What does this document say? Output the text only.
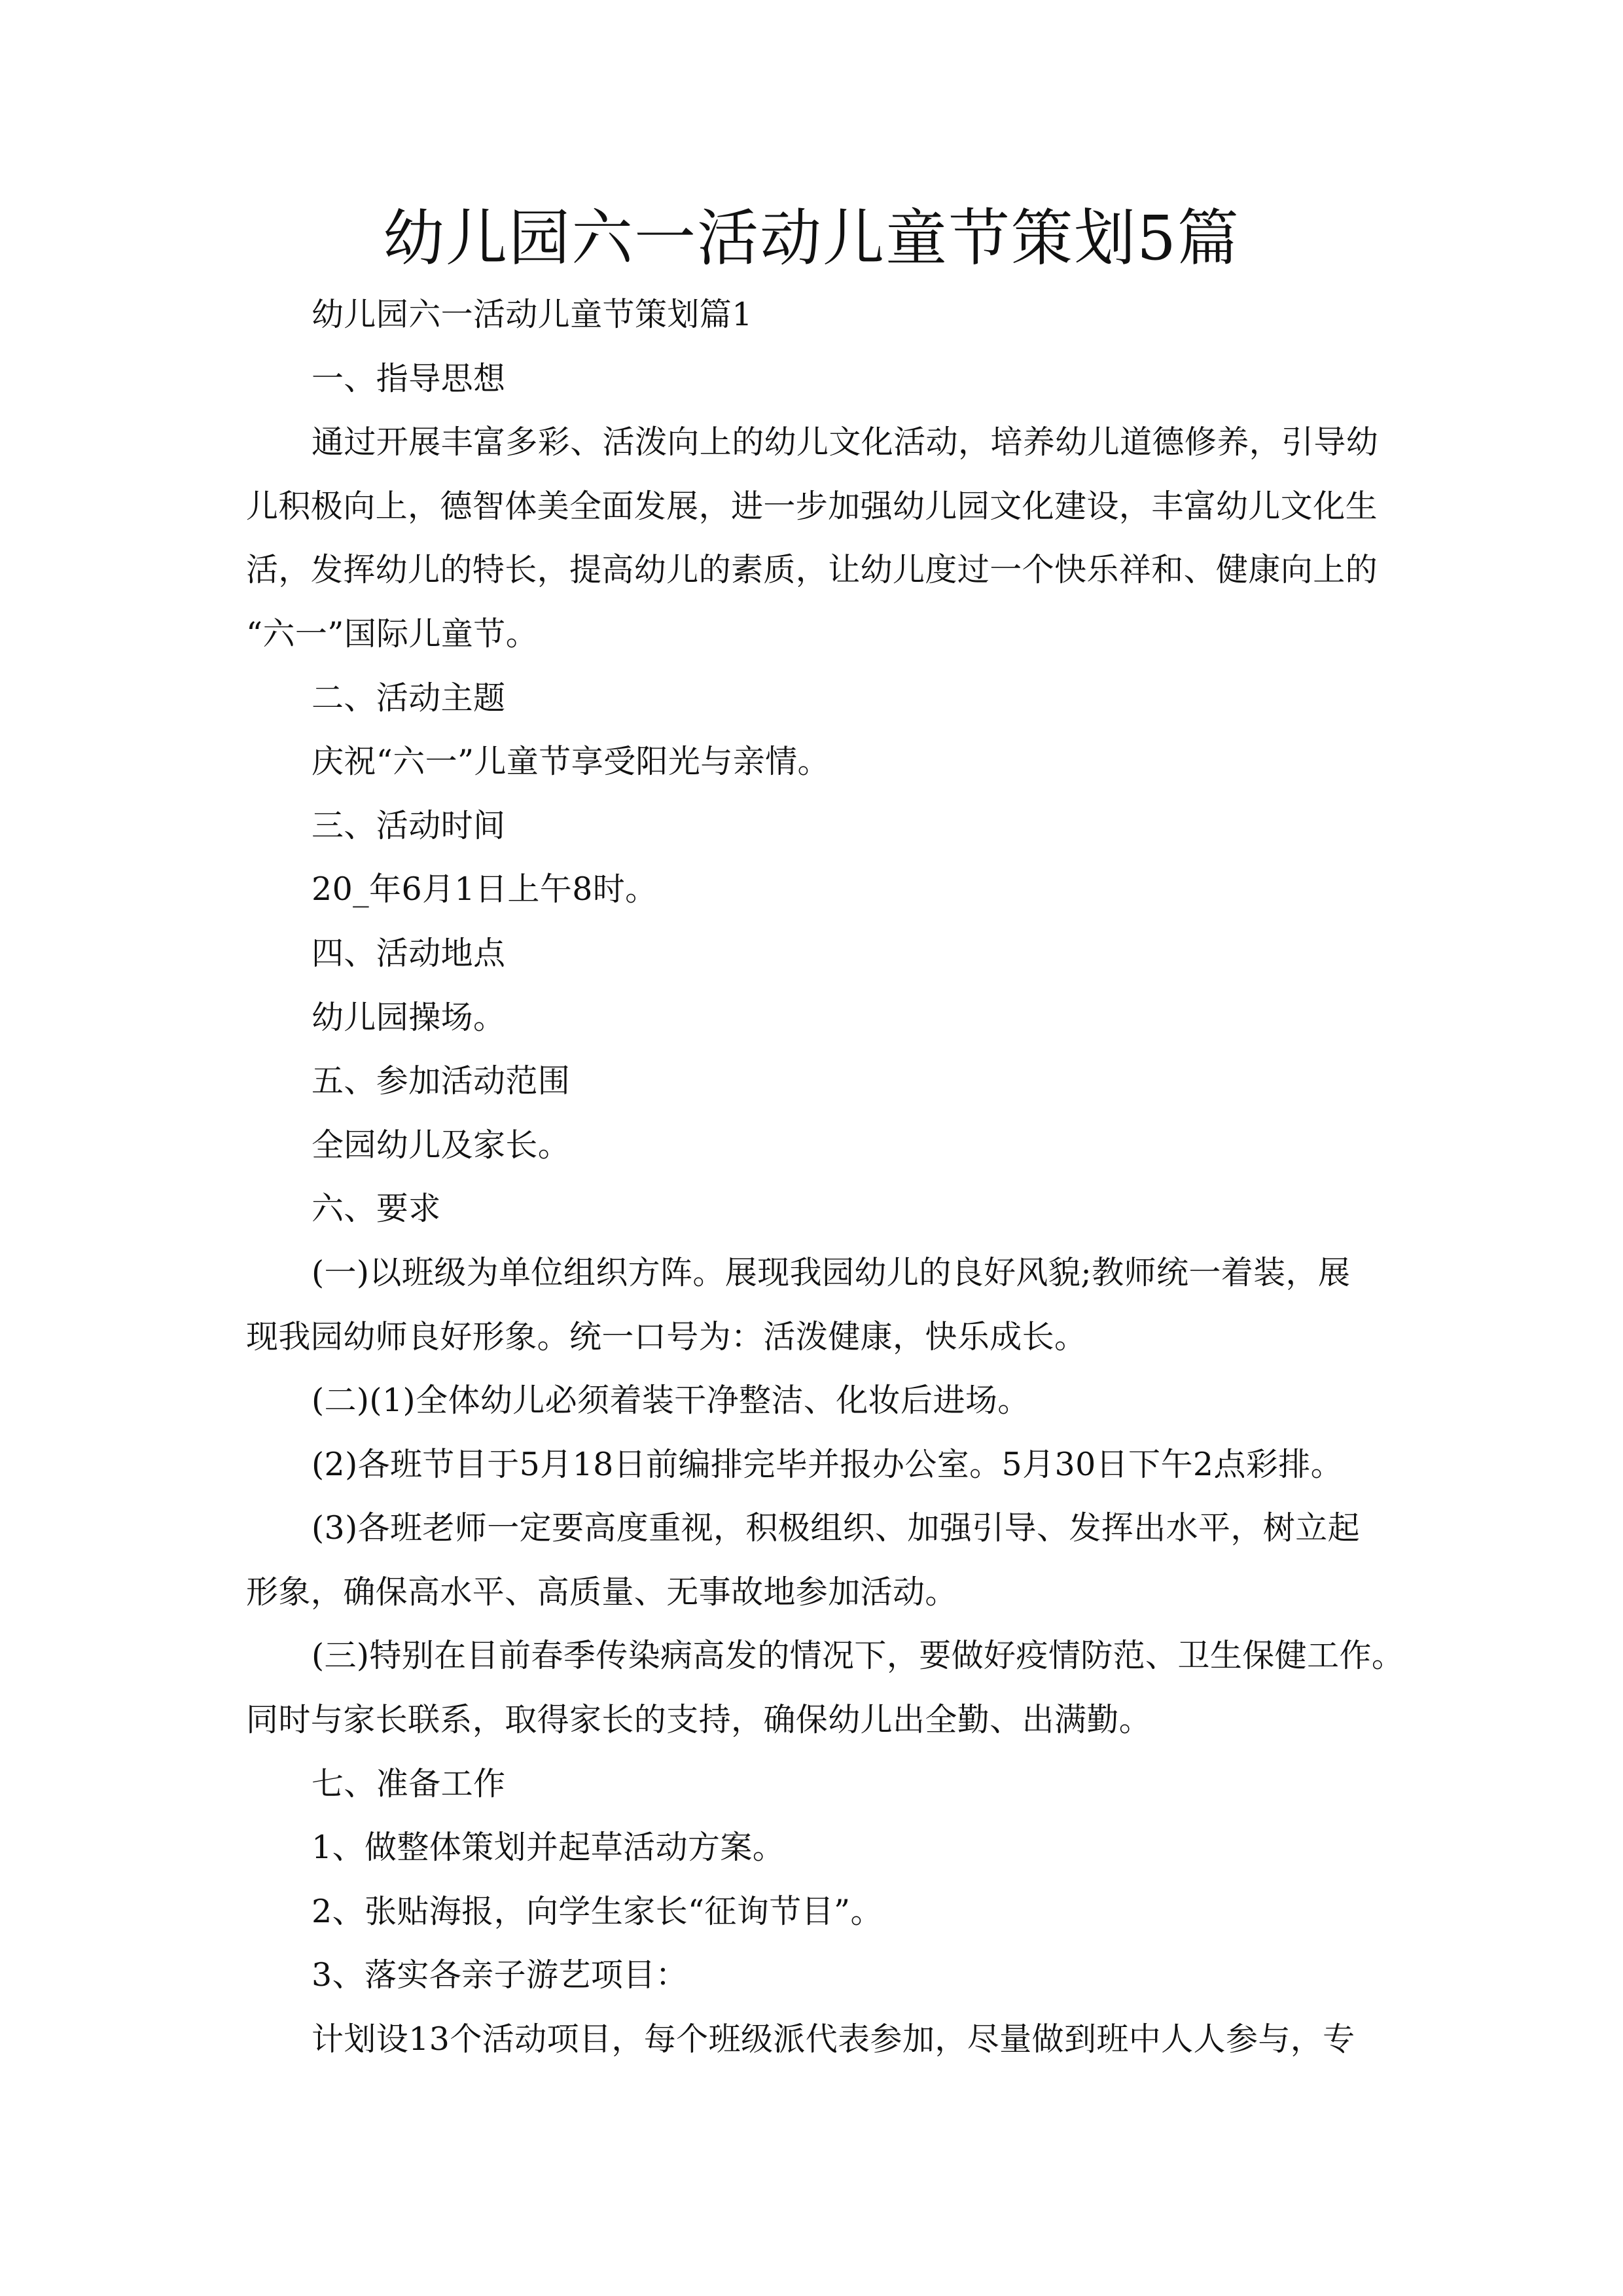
幼儿园六一活动儿童节策划5篇
幼儿园六一活动儿童节策划篇1
一、指导思想
通过开展丰富多彩、活泼向上的幼儿文化活动，培养幼儿道德修养，引导幼
儿积极向上，德智体美全面发展，进一步加强幼儿园文化建设，丰富幼儿文化生
活，发挥幼儿的特长，提高幼儿的素质，让幼儿度过一个快乐祥和、健康向上的
“六一”国际儿童节。
二、活动主题
庆祝“六一”儿童节享受阳光与亲情。
三、活动时间
20_年6月1日上午8时。
四、活动地点
幼儿园操场。
五、参加活动范围
全园幼儿及家长。
六、要求
(一)以班级为单位组织方阵。展现我园幼儿的良好风貌;教师统一着装，展
现我园幼师良好形象。统一口号为：活泼健康，快乐成长。
(二)(1)全体幼儿必须着装干净整洁、化妆后进场。
(2)各班节目于5月18日前编排完毕并报办公室。5月30日下午2点彩排。
(3)各班老师一定要高度重视，积极组织、加强引导、发挥出水平，树立起
形象，确保高水平、高质量、无事故地参加活动。
(三)特别在目前春季传染病高发的情况下，要做好疫情防范、卫生保健工作。
同时与家长联系，取得家长的支持，确保幼儿出全勤、出满勤。
七、准备工作
1、做整体策划并起草活动方案。
2、张贴海报，向学生家长“征询节目”。
3、落实各亲子游艺项目：
计划设13个活动项目，每个班级派代表参加，尽量做到班中人人参与，专
